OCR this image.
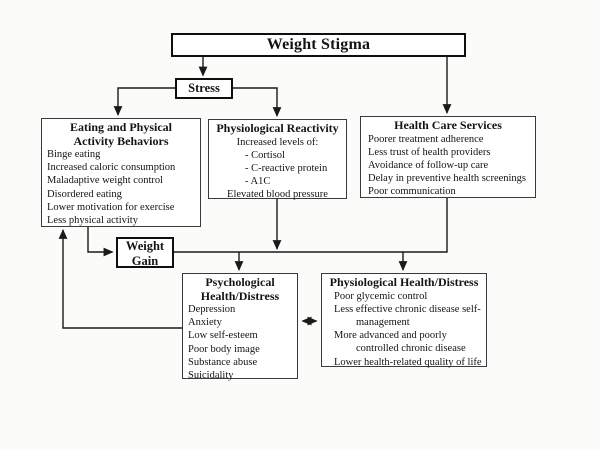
Weight Stigma
Stress
Eating and Physical
Activity Behaviors
Binge eating
Increased caloric consumption
Maladaptive weight control
Disordered eating
Lower motivation for exercise
Less physical activity
Physiological Reactivity
Increased levels of:
- Cortisol
- C-reactive protein
- A1C
Elevated blood pressure
Health Care Services
Poorer treatment adherence
Less trust of health providers
Avoidance of follow-up care
Delay in preventive health screenings
Poor communication
Weight
Gain
Psychological
Health/Distress
Depression
Anxiety
Low self-esteem
Poor body image
Substance abuse
Suicidality
Physiological Health/Distress
Poor glycemic control
Less effective chronic disease self-
management
More advanced and poorly
controlled chronic disease
Lower health-related quality of life
